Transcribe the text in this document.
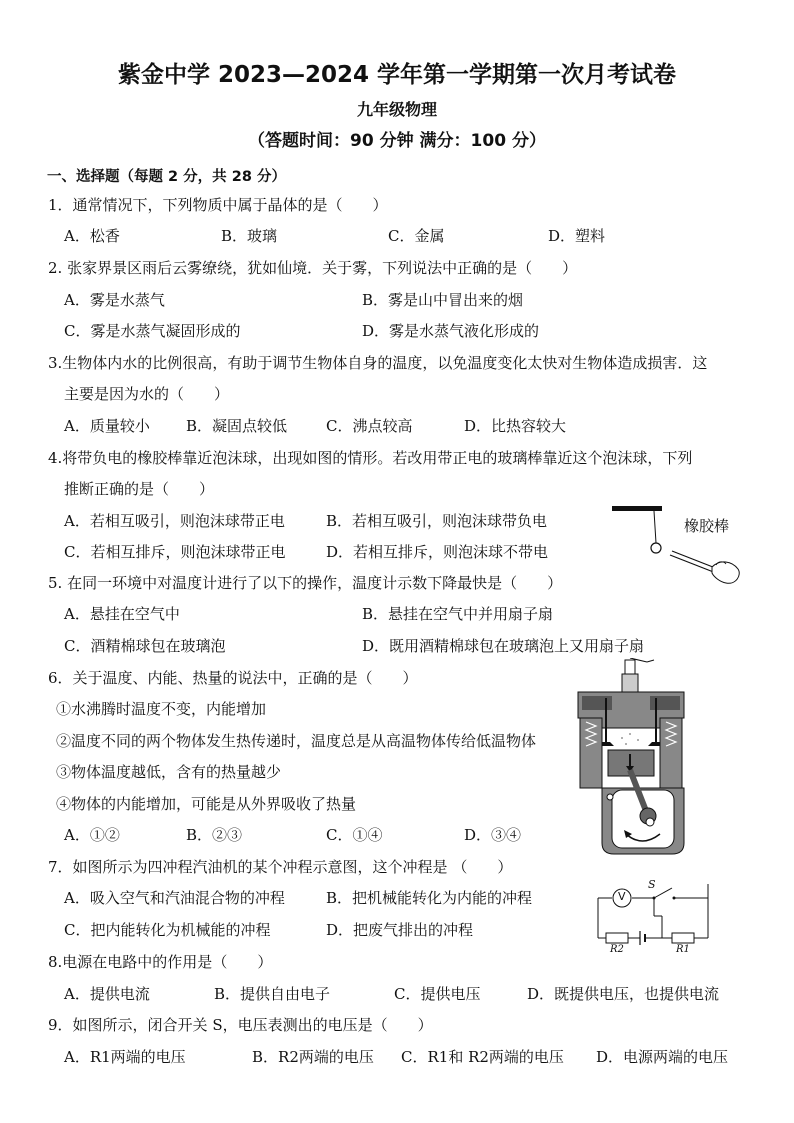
紫金中学 2023—2024 学年第一学期第一次月考试卷
九年级物理
（答题时间：90 分钟 满分：100 分）
一、选择题（每题 2 分，共 28 分）
1．通常情况下，下列物质中属于晶体的是（　　）
A．松香	B．玻璃	C．金属	D．塑料
2. 张家界景区雨后云雾缭绕，犹如仙境．关于雾，下列说法中正确的是（　　）
A．雾是水蒸气	B．雾是山中冒出来的烟
C．雾是水蒸气凝固形成的	D．雾是水蒸气液化形成的
3.生物体内水的比例很高，有助于调节生物体自身的温度，以免温度变化太快对生物体造成损害．这
主要是因为水的（　　）
A．质量较小 B．凝固点较低	C．沸点较高	D．比热容较大
4.将带负电的橡胶棒靠近泡沫球，出现如图的情形。若改用带正电的玻璃棒靠近这个泡沫球，下列
推断正确的是（　　）
A．若相互吸引，则泡沫球带正电	B．若相互吸引，则泡沫球带负电
C．若相互排斥，则泡沫球带正电	D．若相互排斥，则泡沫球不带电
橡胶棒
5. 在同一环境中对温度计进行了以下的操作，温度计示数下降最快是（　　）
A．悬挂在空气中	B．悬挂在空气中并用扇子扇
C．酒精棉球包在玻璃泡	D．既用酒精棉球包在玻璃泡上又用扇子扇
6．关于温度、内能、热量的说法中，正确的是（　　）
①水沸腾时温度不变，内能增加
②温度不同的两个物体发生热传递时，温度总是从高温物体传给低温物体
③物体温度越低，含有的热量越少
④物体的内能增加，可能是从外界吸收了热量
A．①②	B．②③	C．①④	D．③④
7．如图所示为四冲程汽油机的某个冲程示意图，这个冲程是 （　　）
A．吸入空气和汽油混合物的冲程	B．把机械能转化为内能的冲程
C．把内能转化为机械能的冲程	D．把废气排出的冲程
V
S
R2	R1
8.电源在电路中的作用是（　　）
A．提供电流	B．提供自由电子	C．提供电压	D．既提供电压，也提供电流
9．如图所示，闭合开关 S，电压表测出的电压是（　　）
A．R1两端的电压	B．R2两端的电压 C．R1和 R2两端的电压 D．电源两端的电压
